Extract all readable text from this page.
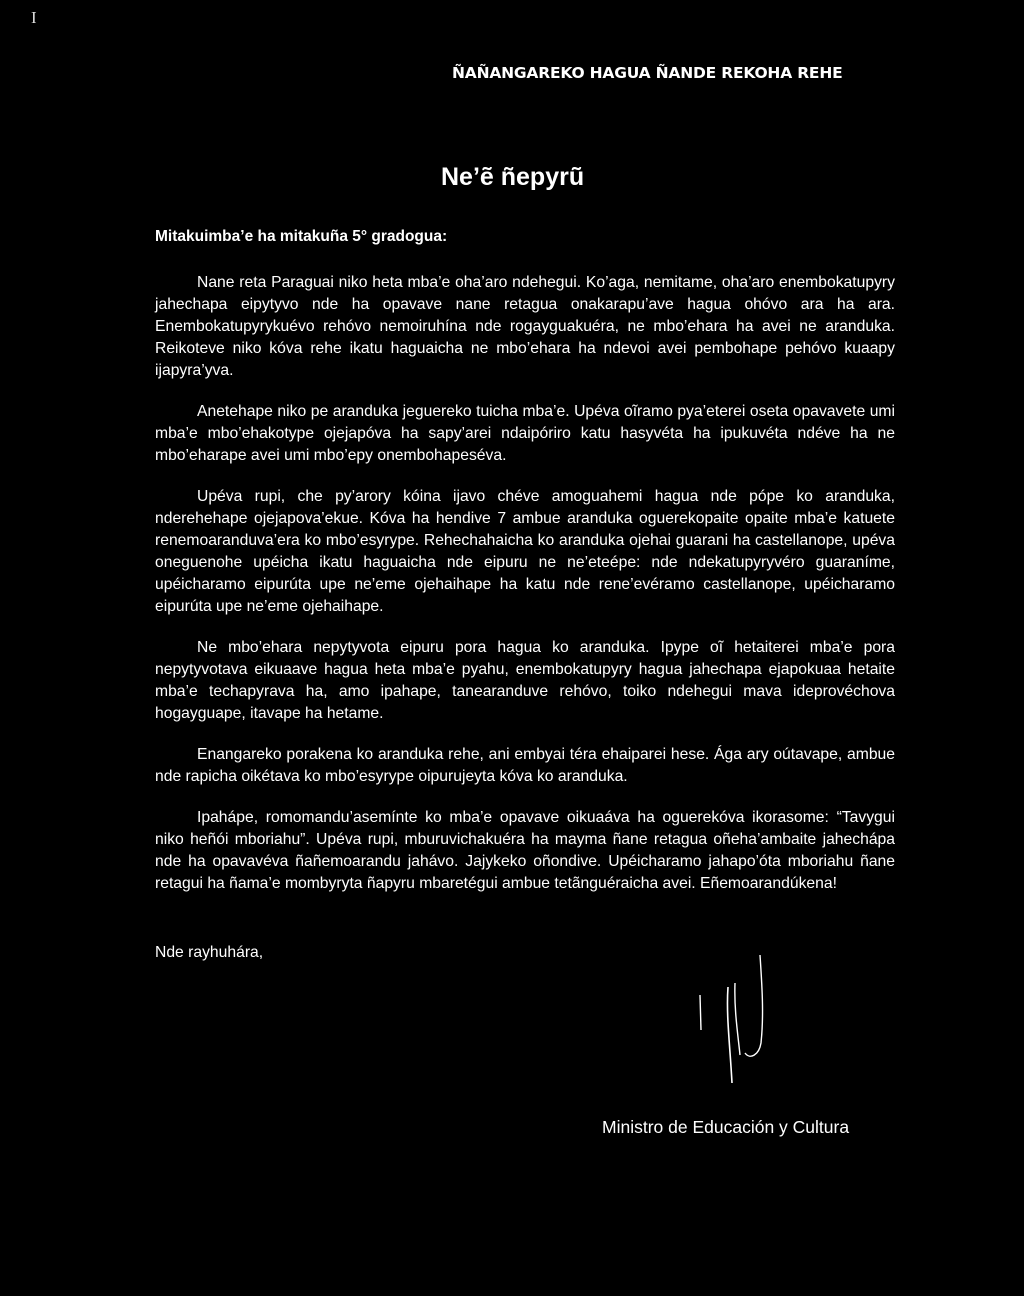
I
ÑAÑANGAREKO HAGUA ÑANDE REKOHA REHE
Ne’ẽ ñepyrũ
Mitakuimba’e ha mitakuña 5° gradogua:

Nane reta Paraguai niko heta mba’e oha’aro ndehegui. Ko’aga, nemitame, oha’aro enembokatupyry jahechapa eipytyvo nde ha opavave nane retagua onakarapu’ave hagua ohóvo ara ha ara. Enembokatupyrykuévo rehóvo nemoiruhína nde rogayguakuéra, ne mbo’ehara ha avei ne aranduka. Reikoteve niko kóva rehe ikatu haguaicha ne mbo’ehara ha ndevoi avei pembohape pehóvo kuaapy ijapyra’yva.

Anetehape niko pe aranduka jeguereko tuicha mba’e. Upéva oĩramo pya’eterei oseta opavavete umi mba’e mbo’ehakotype ojejapóva ha sapy’arei ndaipóriro katu hasyvéta ha ipukuvéta ndéve ha ne mbo’eharape avei umi mbo’epy onembohapeséva.

Upéva rupi, che py’arory kóina ijavo chéve amoguahemi hagua nde pópe ko aranduka, nderehehape ojejapova’ekue. Kóva ha hendive 7 ambue aranduka oguerekopaite opaite mba’e katuete renemoaranduva’era ko mbo’esyrype. Rehechahaicha ko aranduka ojehai guarani ha castellanope, upéva oneguenohe upéicha ikatu haguaicha nde eipuru ne ne’eteépe: nde ndekatupyryvéro guaraníme, upéicharamo eipurúta upe ne’eme ojehaihape ha katu nde rene’evéramo castellanope, upéicharamo eipurúta upe ne’eme ojehaihape.

Ne mbo’ehara nepytyvota eipuru pora hagua ko aranduka. Ipype oĩ hetaiterei mba’e pora nepytyvotava eikuaave hagua heta mba’e pyahu, enembokatupyry hagua jahechapa ejapokuaa hetaite mba’e techapyrava ha, amo ipahape, tanearanduve rehóvo, toiko ndehegui mava ideprovéchova hogayguape, itavape ha hetame.

Enangareko porakena ko aranduka rehe, ani embyai téra ehaiparei hese. Ága ary oútavape, ambue nde rapicha oikétava ko mbo’esyrype oipurujeyta kóva ko aranduka.

Ipahápe, romomandu’asemínte ko mba’e opavave oikuaáva ha oguerekóva ikorasome: “Tavygui niko heñói mboriahu”. Upéva rupi, mburuvichakuéra ha mayma ñane retagua oñeha’ambaite jahechápa nde ha opavavéva ñañemoarandu jahávo. Jajykeko oñondive. Upéicharamo jahapo’óta mboriahu ñane retagui ha ñama’e mombyryta ñapyru mbaretégui ambue tetãnguéraicha avei. Eñemoarandúkena!

Nde rayhuhára,
Ministro de Educación y Cultura
